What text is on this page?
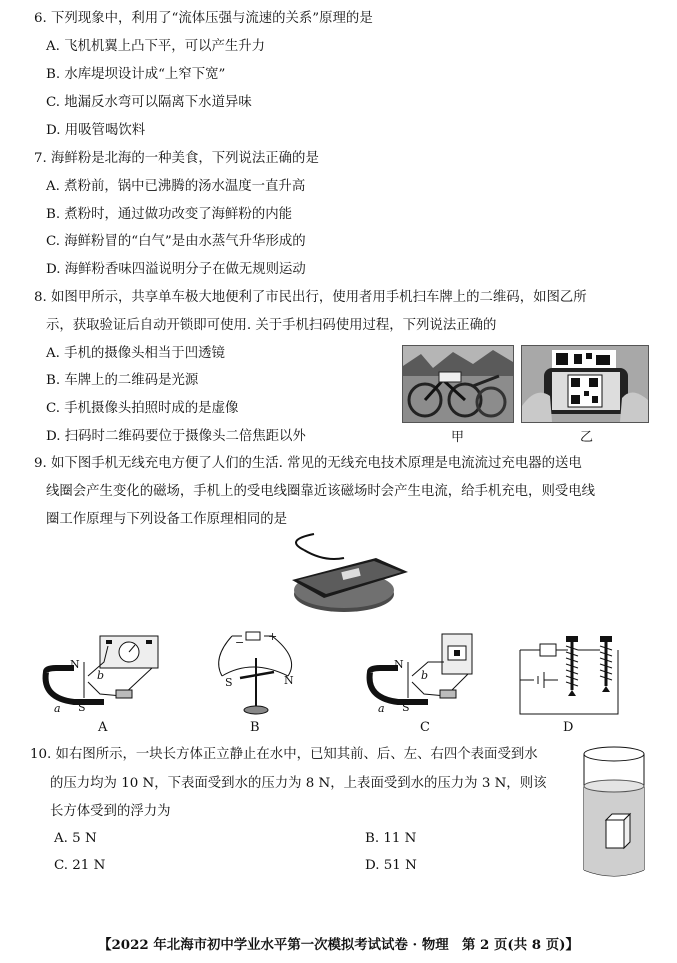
6. 下列现象中，利用了“流体压强与流速的关系”原理的是
A. 飞机机翼上凸下平，可以产生升力
B. 水库堤坝设计成“上窄下宽”
C. 地漏反水弯可以隔离下水道异味
D. 用吸管喝饮料
7. 海鲜粉是北海的一种美食，下列说法正确的是
A. 煮粉前，锅中已沸腾的汤水温度一直升高
B. 煮粉时，通过做功改变了海鲜粉的内能
C. 海鲜粉冒的“白气”是由水蒸气升华形成的
D. 海鲜粉香味四溢说明分子在做无规则运动
8. 如图甲所示，共享单车极大地便利了市民出行，使用者用手机扫车牌上的二维码，如图乙所
示，获取验证后自动开锁即可使用. 关于手机扫码使用过程，下列说法正确的
A. 手机的摄像头相当于凹透镜
B. 车牌上的二维码是光源
C. 手机摄像头拍照时成的是虚像
D. 扫码时二维码要位于摄像头二倍焦距以外	甲	乙
9. 如下图手机无线充电方便了人们的生活. 常见的无线充电技术原理是电流流过充电器的送电
线圈会产生变化的磁场，手机上的受电线圈靠近该磁场时会产生电流，给手机充电，则受电线
圈工作原理与下列设备工作原理相同的是
N
b
a S
A
− +
S	N
B
N
b
a S
C	D
10. 如右图所示，一块长方体正立静止在水中，已知其前、后、左、右四个表面受到水
的压力均为 10 N，下表面受到水的压力为 8 N，上表面受到水的压力为 3 N，则该
长方体受到的浮力为
A. 5 N	B. 11 N
C. 21 N	D. 51 N
【2022 年北海市初中学业水平第一次模拟考试试卷 · 物理　第 2 页(共 8 页)】
